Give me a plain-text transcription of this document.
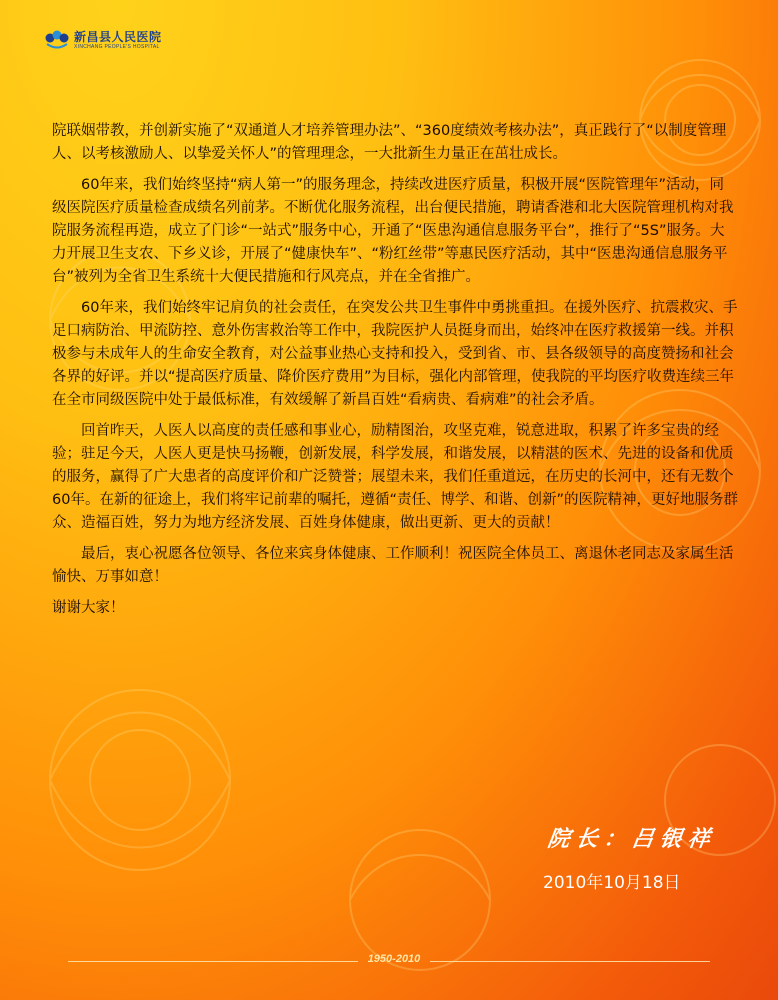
新昌县人民医院
XINCHANG PEOPLE'S HOSPITAL

院联姻带教，并创新实施了“双通道人才培养管理办法”、“360度绩效考核办法”，真正践行了“以制度管理人、以考核激励人、以挚爱关怀人”的管理理念，一大批新生力量正在茁壮成长。

60年来，我们始终坚持“病人第一”的服务理念，持续改进医疗质量，积极开展“医院管理年”活动，同级医院医疗质量检查成绩名列前茅。不断优化服务流程，出台便民措施，聘请香港和北大医院管理机构对我院服务流程再造，成立了门诊“一站式”服务中心，开通了“医患沟通信息服务平台”，推行了“5S”服务。大力开展卫生支农、下乡义诊，开展了“健康快车”、“粉红丝带”等惠民医疗活动，其中“医患沟通信息服务平台”被列为全省卫生系统十大便民措施和行风亮点，并在全省推广。

60年来，我们始终牢记肩负的社会责任，在突发公共卫生事件中勇挑重担。在援外医疗、抗震救灾、手足口病防治、甲流防控、意外伤害救治等工作中，我院医护人员挺身而出，始终冲在医疗救援第一线。并积极参与未成年人的生命安全教育，对公益事业热心支持和投入，受到省、市、县各级领导的高度赞扬和社会各界的好评。并以“提高医疗质量、降价医疗费用”为目标，强化内部管理，使我院的平均医疗收费连续三年在全市同级医院中处于最低标准，有效缓解了新昌百姓“看病贵、看病难”的社会矛盾。

回首昨天，人医人以高度的责任感和事业心，励精图治，攻坚克难，锐意进取，积累了许多宝贵的经验；驻足今天，人医人更是快马扬鞭，创新发展，科学发展，和谐发展，以精湛的医术、先进的设备和优质的服务，赢得了广大患者的高度评价和广泛赞誉；展望未来，我们任重道远，在历史的长河中，还有无数个60年。在新的征途上，我们将牢记前辈的嘱托，遵循“责任、博学、和谐、创新”的医院精神，更好地服务群众、造福百姓，努力为地方经济发展、百姓身体健康，做出更新、更大的贡献！

最后，衷心祝愿各位领导、各位来宾身体健康、工作顺利！祝医院全体员工、离退休老同志及家属生活愉快、万事如意！

谢谢大家！

院长：吕银祥
2010年10月18日
1950-2010
